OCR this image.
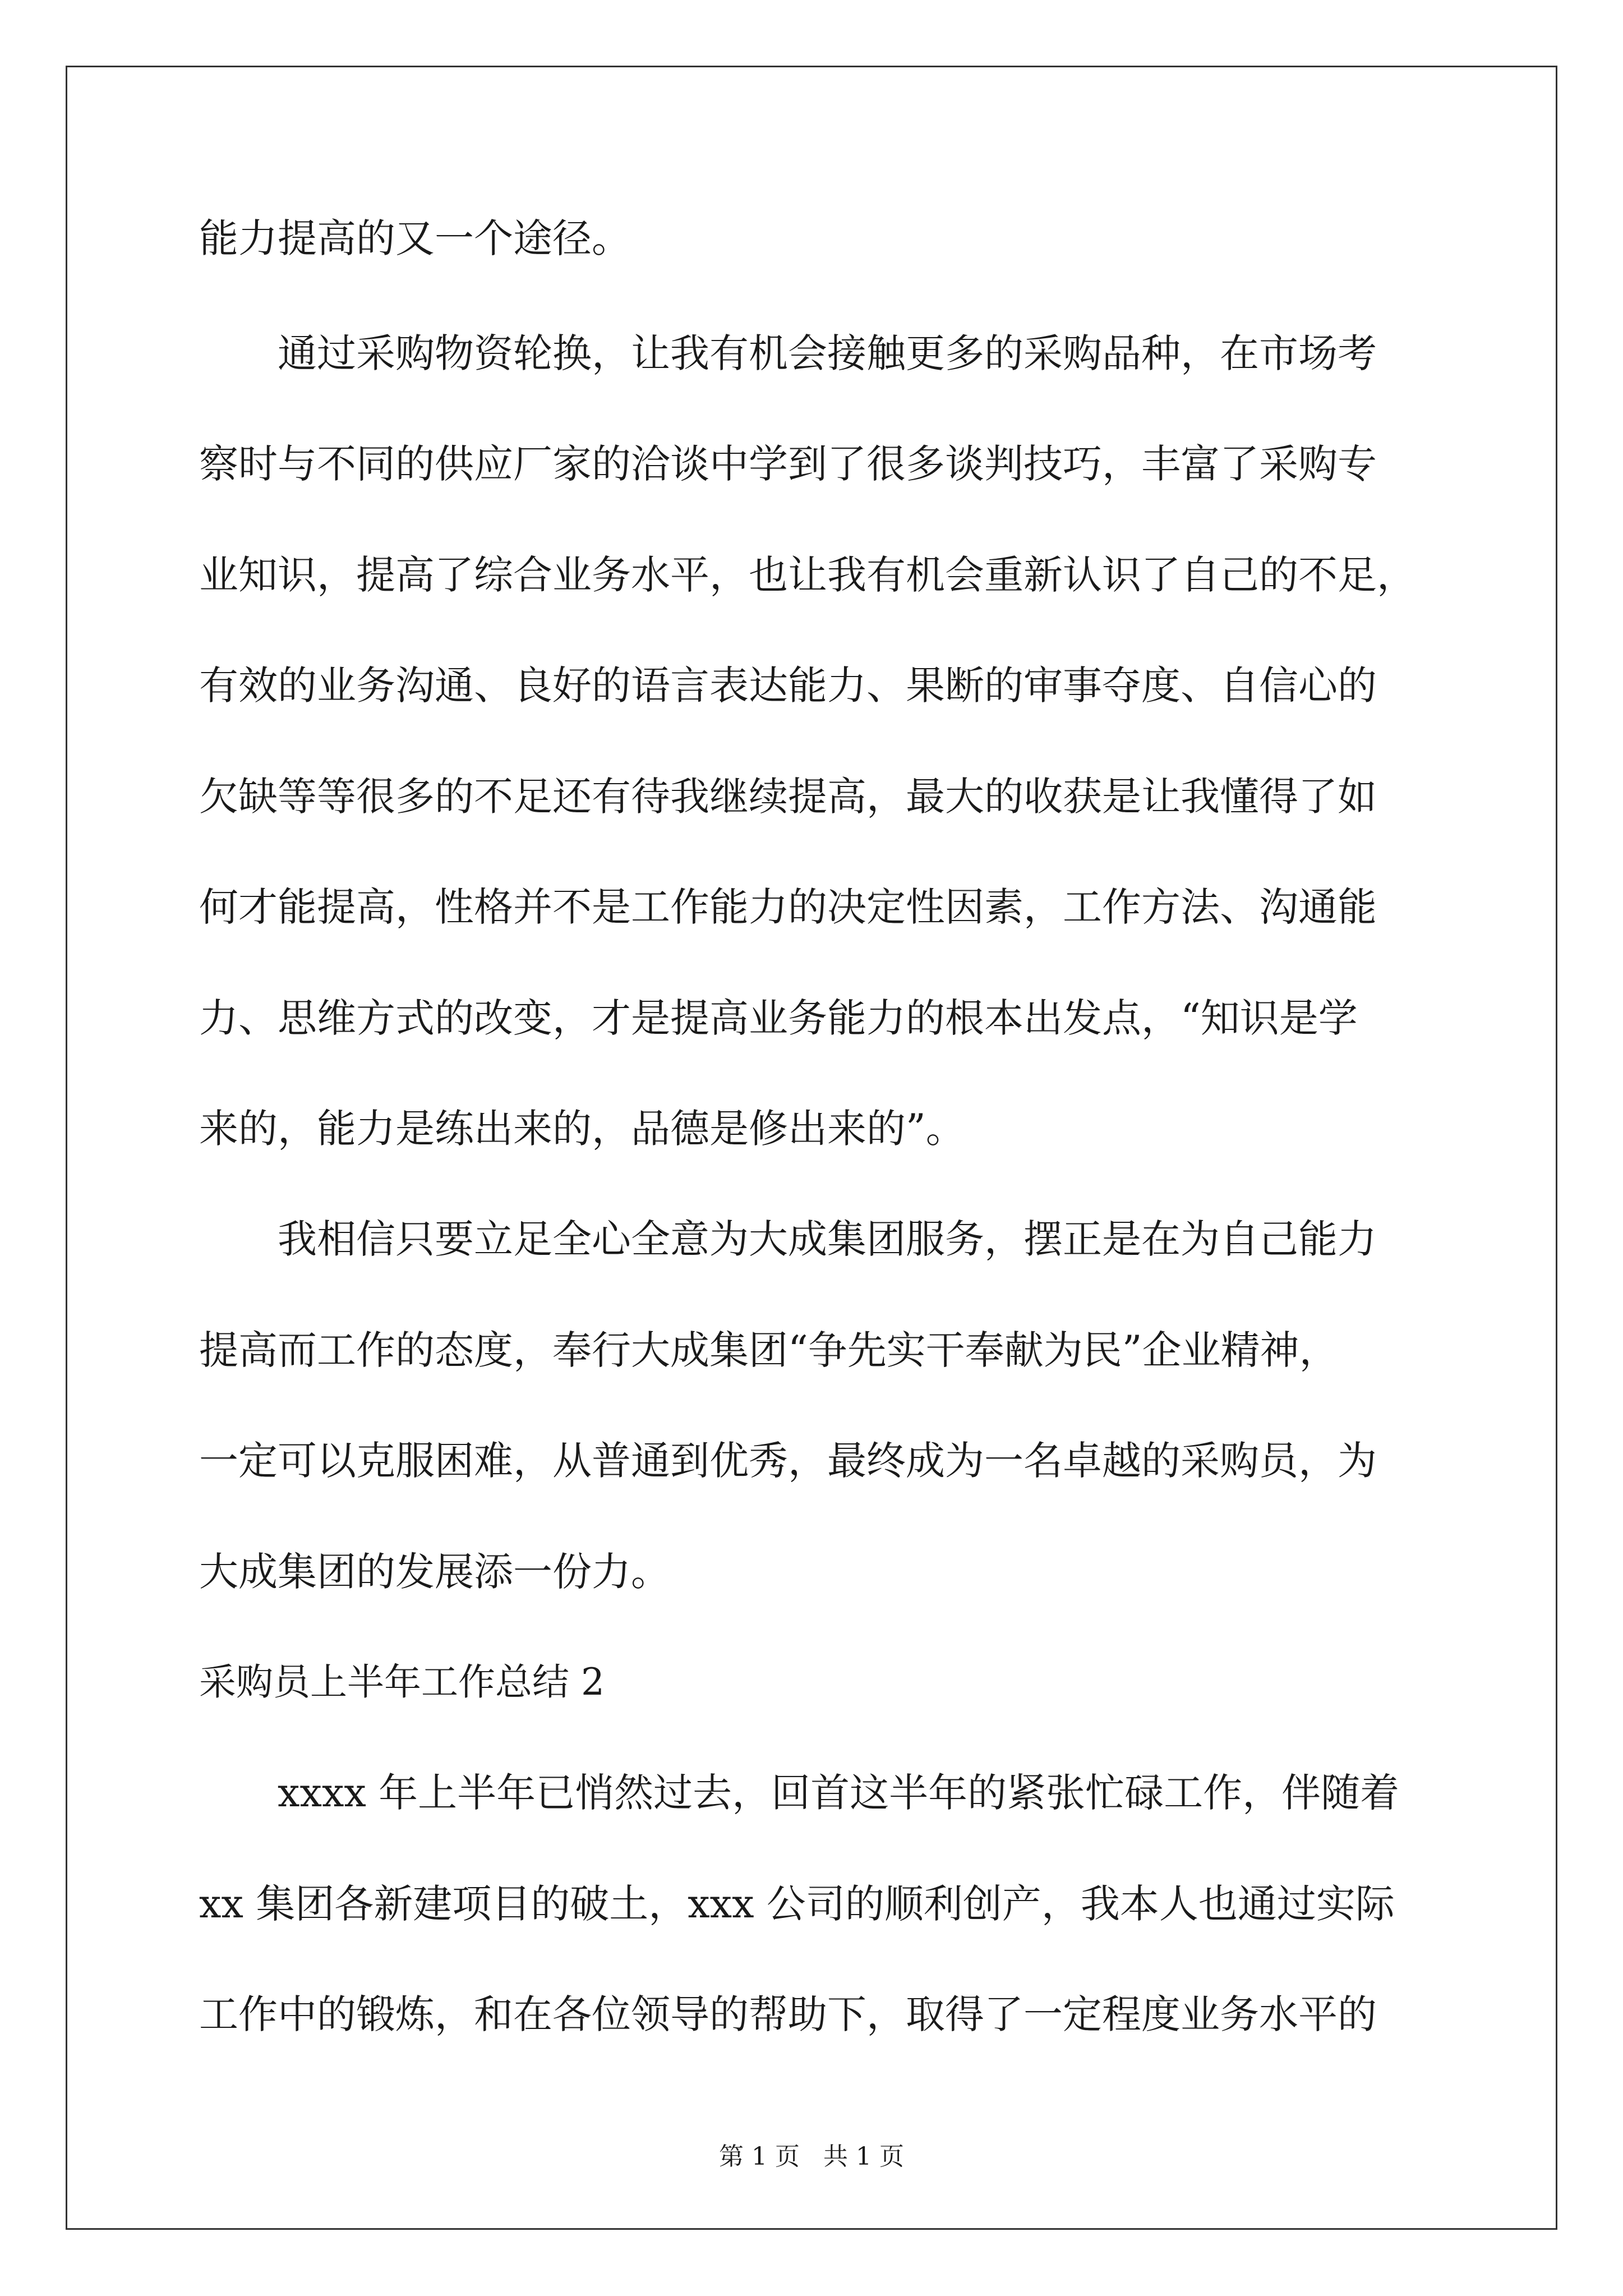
能力提高的又一个途径。

通过采购物资轮换，让我有机会接触更多的采购品种，在市场考

察时与不同的供应厂家的洽谈中学到了很多谈判技巧，丰富了采购专

业知识，提高了综合业务水平，也让我有机会重新认识了自己的不足，

有效的业务沟通、良好的语言表达能力、果断的审事夺度、自信心的

欠缺等等很多的不足还有待我继续提高，最大的收获是让我懂得了如

何才能提高，性格并不是工作能力的决定性因素，工作方法、沟通能

力、思维方式的改变，才是提高业务能力的根本出发点，“知识是学

来的，能力是练出来的，品德是修出来的”。

我相信只要立足全心全意为大成集团服务，摆正是在为自己能力

提高而工作的态度，奉行大成集团“争先实干奉献为民”企业精神，

一定可以克服困难，从普通到优秀，最终成为一名卓越的采购员，为

大成集团的发展添一份力。

采购员上半年工作总结 2

xxxx 年上半年已悄然过去，回首这半年的紧张忙碌工作，伴随着

xx 集团各新建项目的破土，xxx 公司的顺利创产，我本人也通过实际

工作中的锻炼，和在各位领导的帮助下，取得了一定程度业务水平的

第 1 页   共 1 页
